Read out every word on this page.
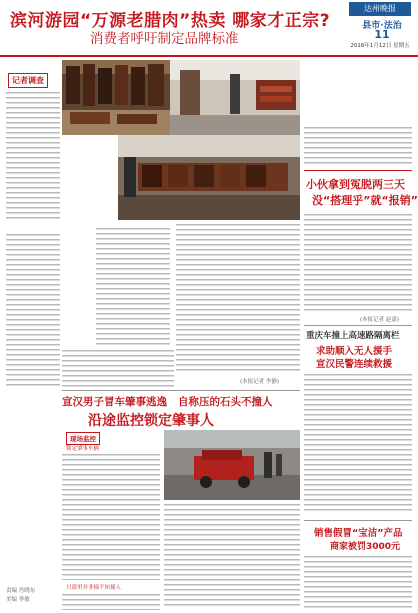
滨河游园“万源老腊肉”热卖 哪家才正宗?
消费者呼吁制定品牌标准
达州晚报
县市·法治
11
2016年1月12日 星期五
记者调查
(本报记者 李静)
小伙拿到冤脱两三天
没“搭理乎”就“报销”
(本报记者 赵嘉)
重庆车撞上高速路隔离栏
求助顺入无人援手
宣汉民警连续救援
销售假冒“宝洁”产品
商家被罚3000元
宣汉男子冒车肇事逃逸 自称压的石头不撞人
沿途监控锁定肇事人
现场监控
锁定肇事车辆
只那里并非撞不知撞人
责编 肖晓东
美编 李敏
